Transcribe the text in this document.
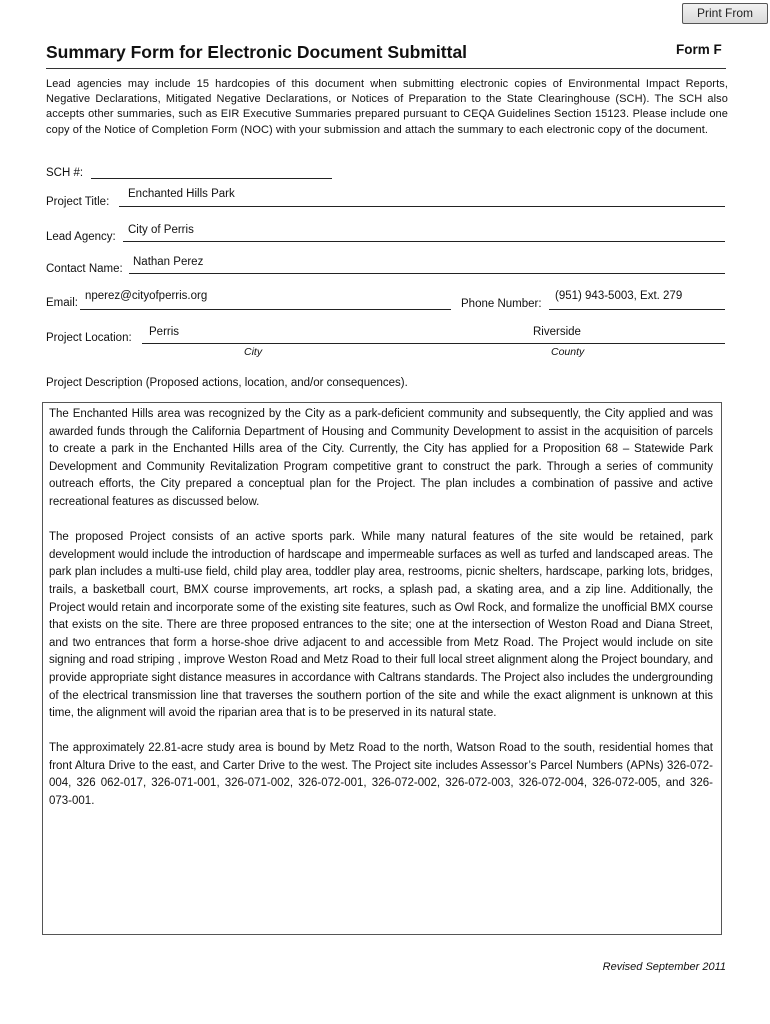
Print From
Summary Form for Electronic Document Submittal	Form F
Lead agencies may include 15 hardcopies of this document when submitting electronic copies of Environmental Impact Reports, Negative Declarations, Mitigated Negative Declarations, or Notices of Preparation to the State Clearinghouse (SCH). The SCH also accepts other summaries, such as EIR Executive Summaries prepared pursuant to CEQA Guidelines Section 15123. Please include one copy of the Notice of Completion Form (NOC) with your submission and attach the summary to each electronic copy of the document.
SCH #:
Project Title:
Enchanted Hills Park
Lead Agency:
City of Perris
Contact Name:
Nathan Perez
Email:
nperez@cityofperris.org
Phone Number:
(951) 943-5003, Ext. 279
Project Location: Perris	Riverside
City	County
Project Description (Proposed actions, location, and/or consequences).

The Enchanted Hills area was recognized by the City as a park-deficient community and subsequently, the City applied and was awarded funds through the California Department of Housing and Community Development to assist in the acquisition of parcels to create a park in the Enchanted Hills area of the City. Currently, the City has applied for a Proposition 68 – Statewide Park Development and Community Revitalization Program competitive grant to construct the park. Through a series of community outreach efforts, the City prepared a conceptual plan for the Project. The plan includes a combination of passive and active recreational features as discussed below.

The proposed Project consists of an active sports park. While many natural features of the site would be retained, park development would include the introduction of hardscape and impermeable surfaces as well as turfed and landscaped areas. The park plan includes a multi-use field, child play area, toddler play area, restrooms, picnic shelters, hardscape, parking lots, bridges, trails, a basketball court, BMX course improvements, art rocks, a splash pad, a skating area, and a zip line. Additionally, the Project would retain and incorporate some of the existing site features, such as Owl Rock, and formalize the unofficial BMX course that exists on the site. There are three proposed entrances to the site; one at the intersection of Weston Road and Diana Street, and two entrances that form a horse-shoe drive adjacent to and accessible from Metz Road. The Project would include on site signing and road striping , improve Weston Road and Metz Road to their full local street alignment along the Project boundary, and provide appropriate sight distance measures in accordance with Caltrans standards. The Project also includes the undergrounding of the electrical transmission line that traverses the southern portion of the site and while the exact alignment is unknown at this time, the alignment will avoid the riparian area that is to be preserved in its natural state.

The approximately 22.81-acre study area is bound by Metz Road to the north, Watson Road to the south, residential homes that front Altura Drive to the east, and Carter Drive to the west. The Project site includes Assessor’s Parcel Numbers (APNs) 326-072-004, 326 062-017, 326-071-001, 326-071-002, 326-072-001, 326-072-002, 326-072-003, 326-072-004, 326-072-005, and 326-073-001.

Revised September 2011
